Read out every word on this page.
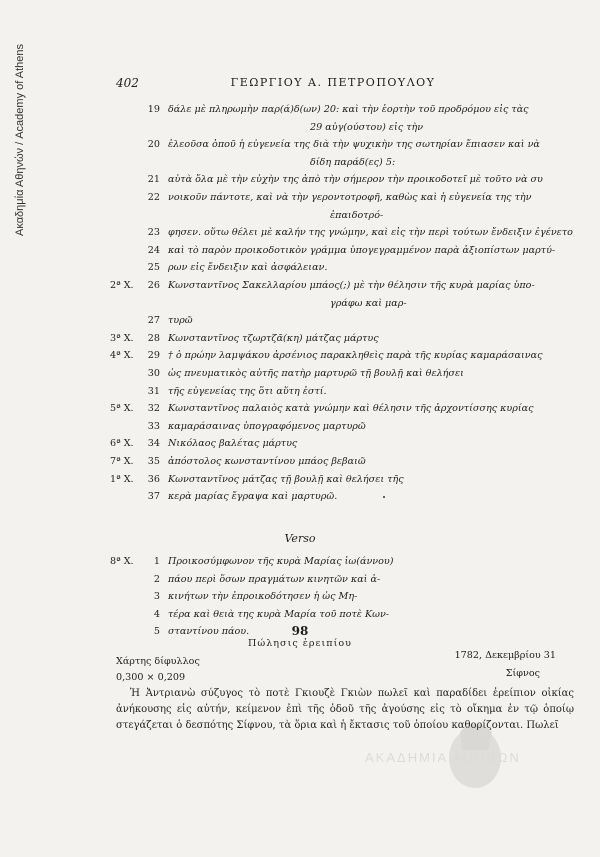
Ακαδημία Αθηνών / Academy of Athens	402	ΓΕΩΡΓΙΟΥ Α. ΠΕΤΡΟΠΟΥΛΟΥ
19 δάλε μὲ πληρωμὴν παρ(ά)δ(ων) 20: καὶ τὴν ἑορτὴν τοῦ προδρόμου εἰς τὰς
29 αὐγ(ούστου) εἰς τὴν
20 ἐλεοῦσα ὁποῦ ἡ εὐγενεία της διὰ τὴν ψυχικὴν της σωτηρίαν ἔπιασεν καὶ νὰ
δίδη παράδ(ες) 5:
21 αὐτὰ ὅλα μὲ τὴν εὐχὴν της ἀπὸ τὴν σήμερον τὴν προικοδοτεῖ μὲ τοῦτο νὰ συ
22 νοικοῦν πάντοτε, καὶ νὰ τὴν γεροντοτροφῆ, καθὼς καὶ ἡ εὐγενεία της τὴν
ἐπαιδοτρό-
23 φησεν. οὕτω θέλει μὲ καλήν της γνώμην, καὶ εἰς τὴν περὶ τούτων ἔνδειξιν ἐγένετο
24 καὶ τὸ παρὸν προικοδοτικὸν γράμμα ὑπογεγραμμένον παρὰ ἀξιοπίστων μαρτύ-
25 ρων εἰς ἔνδειξιν καὶ ἀσφάλειαν.
2ª X.	26 Κωνσταντῖνος Σακελλαρίου μπάος(;) μὲ τὴν θέλησιν τῆς κυρὰ μαρίας ὑπο-
γράφω καὶ μαρ-
27 τυρῶ
3ª X.	28 Κωνσταντῖνος τζωρτζᾶ(κη) μάτζας μάρτυς
4ª X.	29 † ὁ πρώην λαμψάκου ἀρσένιος παρακληθεὶς παρὰ τῆς κυρίας καμαράσαινας
30 ὡς πνευματικὸς αὐτῆς πατὴρ μαρτυρῶ τῇ βουλῇ καὶ θελήσει
31 τῆς εὐγενείας της ὅτι αὕτη ἐστί.
5ª X.	32 Κωνσταντῖνος παλαιὸς κατὰ γνώμην καὶ θέλησιν τῆς ἀρχοντίσσης κυρίας
33 καμαράσαινας ὑπογραφόμενος μαρτυρῶ
6ª X.	34 Νικόλαος βαλέτας μάρτυς
7ª X.	35 ἀπόστολος κωνσταντίνου μπάος βεβαιῶ
1ª X.	36 Κωνσταντῖνος μάτζας τῇ βουλῇ καὶ θελήσει τῆς
37 κερὰ μαρίας ἔγραψα καὶ μαρτυρῶ.
Verso
8ª X.	1 Προικοσύμφωνον τῆς κυρὰ Μαρίας ἰω(άννου)
2 πάου περὶ ὅσων πραγμάτων κινητῶν καὶ ἀ-
3 κινήτων τὴν ἐπροικοδότησεν ἡ ὡς Μη-
4 τέρα καὶ θειὰ της κυρὰ Μαρία τοῦ ποτὲ Κων-
5 σταντίνου πάου.	98
Πώλησις ἐρειπίου
Χάρτης δίφυλλος
0,300 × 0,209
1782, Δεκεμβρίου 31
Σίφνος
Ἡ Ἀντριανὼ σύζυγος τὸ ποτὲ Γκιουζὲ Γκιὼν πωλεῖ καὶ παραδίδει ἐρείπιον οἰκίας ἀνήκουσης εἰς αὐτήν, κείμενον ἐπὶ τῆς ὁδοῦ τῆς ἀγούσης εἰς τὸ οἴκημα ἐν τῷ ὁποίῳ στεγάζεται ὁ δεσπότης Σίφνου, τὰ ὅρια καὶ ἡ ἔκτασις τοῦ ὁποίου καθορίζονται. Πωλεῖ
ΑΚΑΔΗΜΙΑ ΑΘΗΝΩΝ
